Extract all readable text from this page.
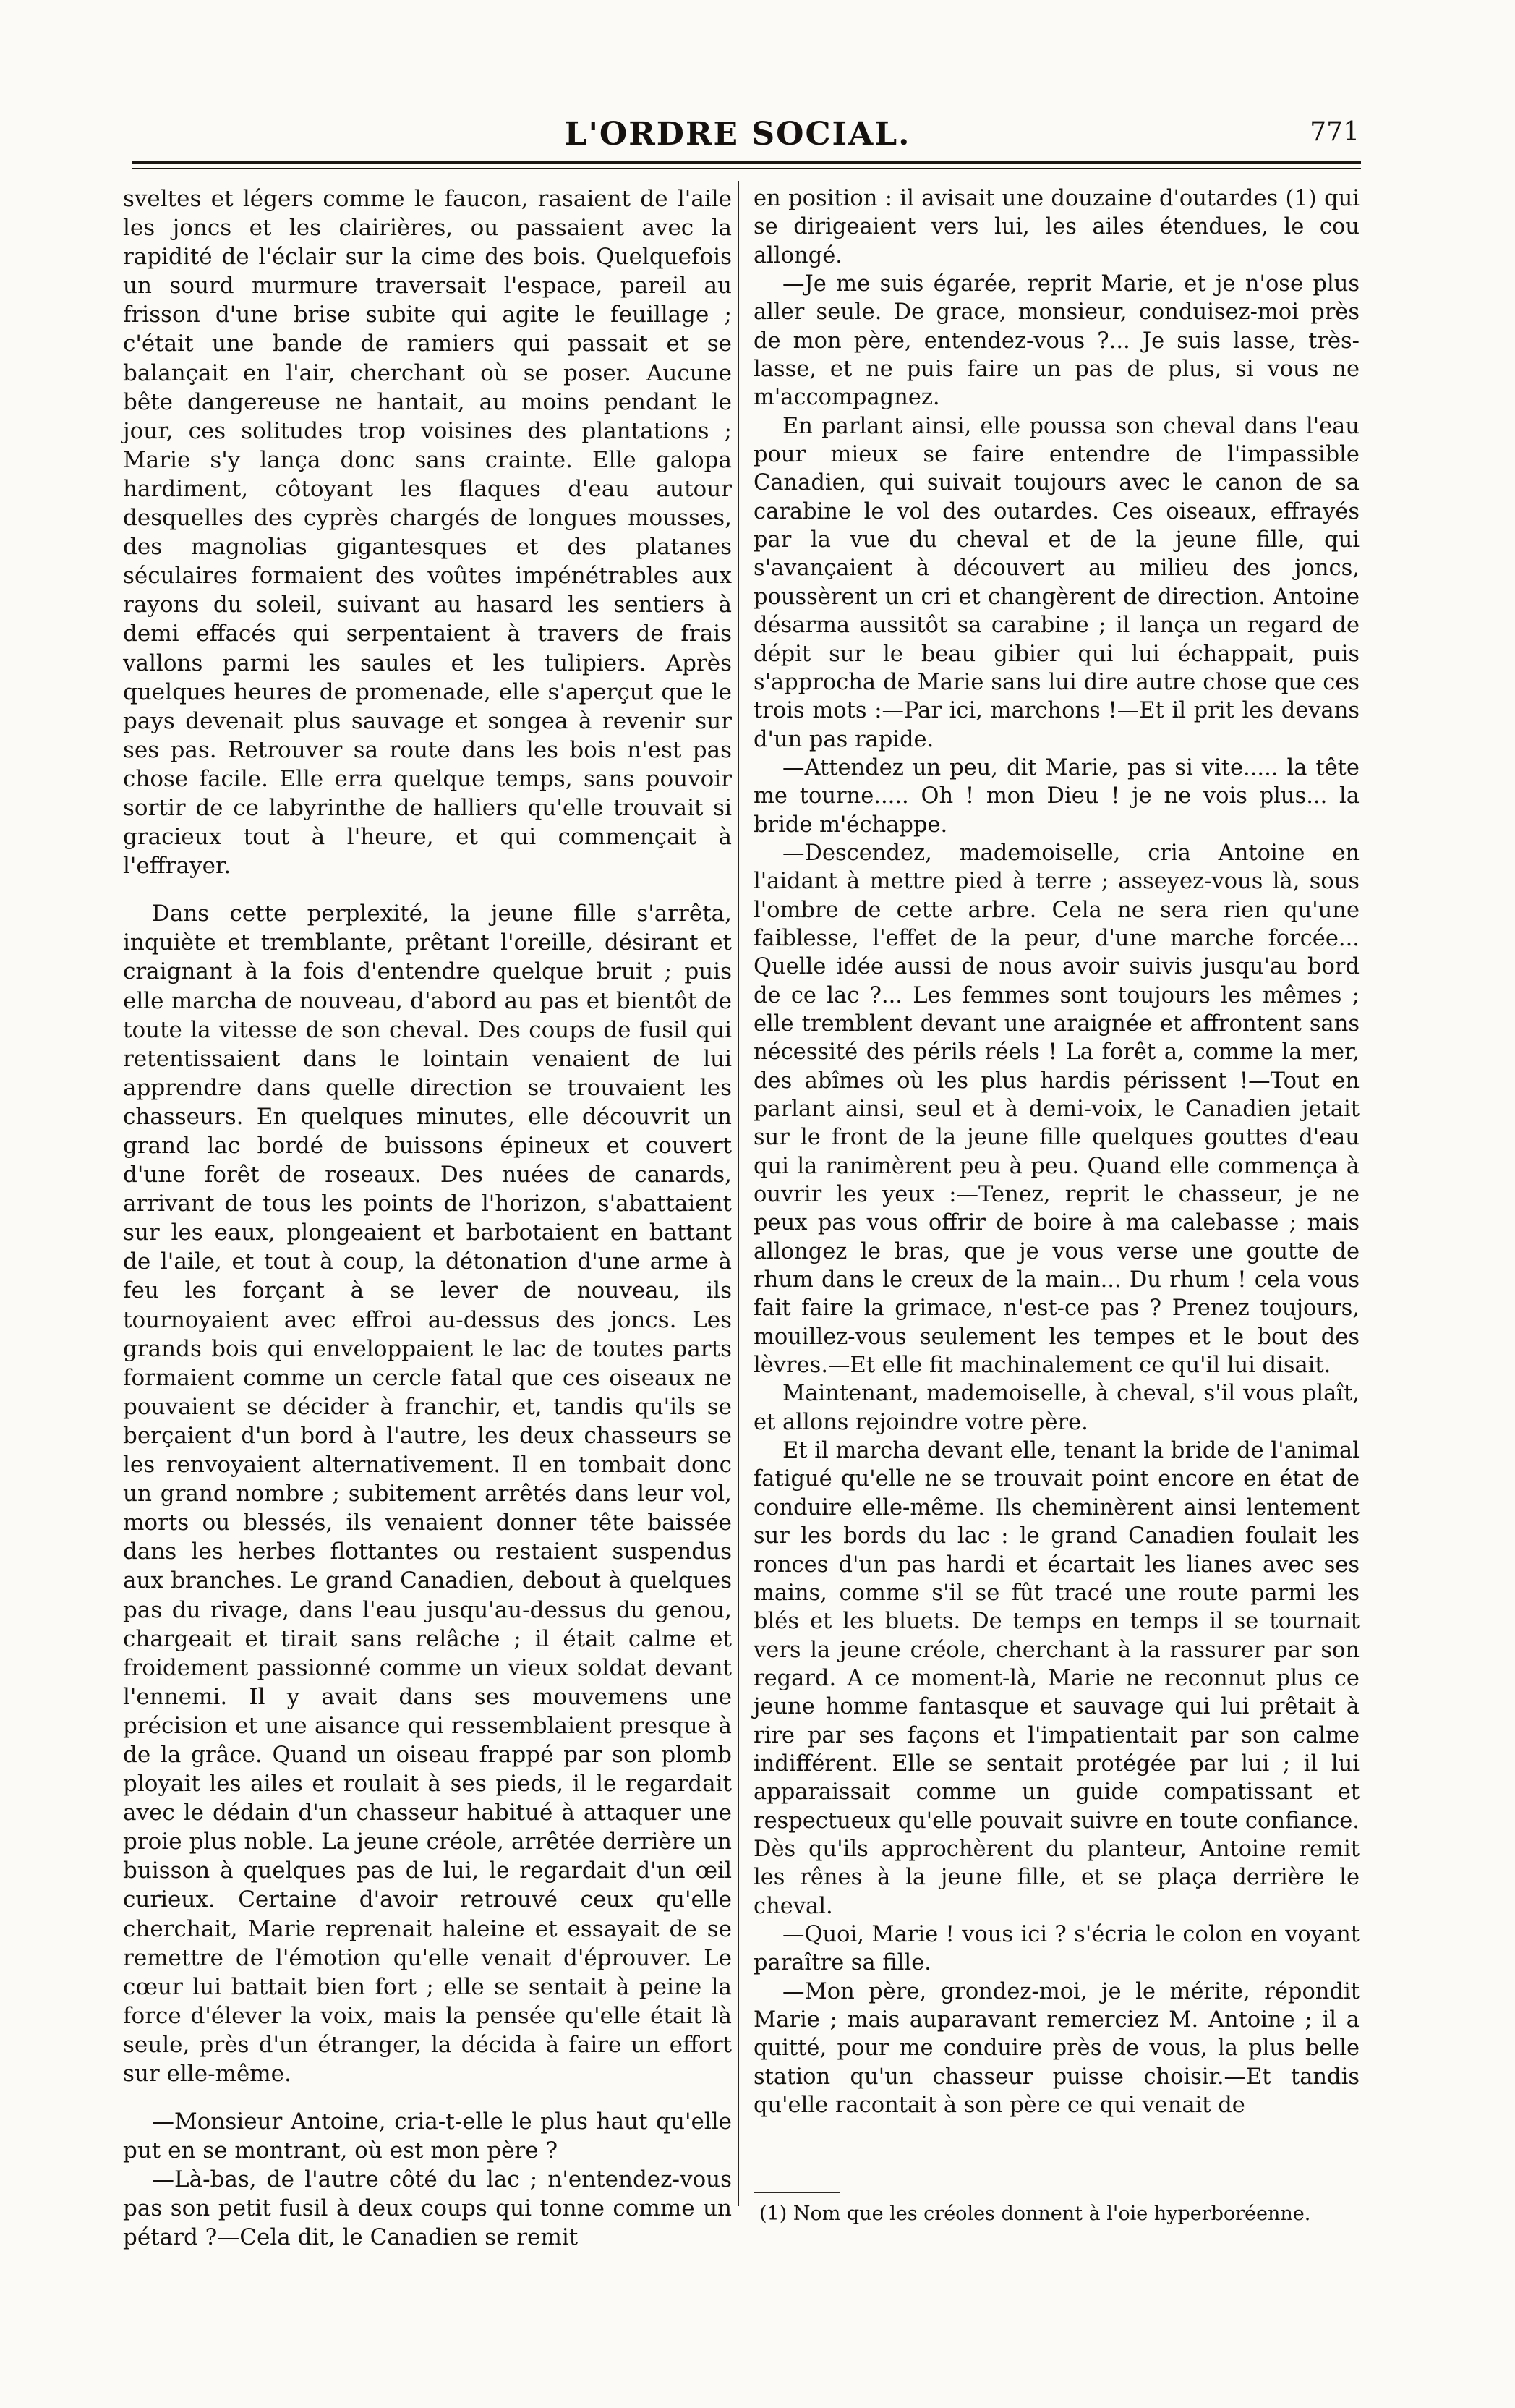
L'ORDRE SOCIAL.	771

sveltes et légers comme le faucon, rasaient de l'aile les joncs et les clairières, ou passaient avec la rapidité de l'éclair sur la cime des bois. Quelquefois un sourd murmure traversait l'espace, pareil au frisson d'une brise subite qui agite le feuillage ; c'était une bande de ramiers qui passait et se balançait en l'air, cherchant où se poser. Aucune bête dangereuse ne hantait, au moins pendant le jour, ces solitudes trop voisines des plantations ; Marie s'y lança donc sans crainte. Elle galopa hardiment, côtoyant les flaques d'eau autour desquelles des cyprès chargés de longues mousses, des magnolias gigantesques et des platanes séculaires formaient des voûtes impénétrables aux rayons du soleil, suivant au hasard les sentiers à demi effacés qui serpentaient à travers de frais vallons parmi les saules et les tulipiers. Après quelques heures de promenade, elle s'aperçut que le pays devenait plus sauvage et songea à revenir sur ses pas. Retrouver sa route dans les bois n'est pas chose facile. Elle erra quelque temps, sans pouvoir sortir de ce labyrinthe de halliers qu'elle trouvait si gracieux tout à l'heure, et qui commençait à l'effrayer.

Dans cette perplexité, la jeune fille s'arrêta, inquiète et tremblante, prêtant l'oreille, désirant et craignant à la fois d'entendre quelque bruit ; puis elle marcha de nouveau, d'abord au pas et bientôt de toute la vitesse de son cheval. Des coups de fusil qui retentissaient dans le lointain venaient de lui apprendre dans quelle direction se trouvaient les chasseurs. En quelques minutes, elle découvrit un grand lac bordé de buissons épineux et couvert d'une forêt de roseaux. Des nuées de canards, arrivant de tous les points de l'horizon, s'abattaient sur les eaux, plongeaient et barbotaient en battant de l'aile, et tout à coup, la détonation d'une arme à feu les forçant à se lever de nouveau, ils tournoyaient avec effroi au-dessus des joncs. Les grands bois qui enveloppaient le lac de toutes parts formaient comme un cercle fatal que ces oiseaux ne pouvaient se décider à franchir, et, tandis qu'ils se berçaient d'un bord à l'autre, les deux chasseurs se les renvoyaient alternativement. Il en tombait donc un grand nombre ; subitement arrêtés dans leur vol, morts ou blessés, ils venaient donner tête baissée dans les herbes flottantes ou restaient suspendus aux branches. Le grand Canadien, debout à quelques pas du rivage, dans l'eau jusqu'au-dessus du genou, chargeait et tirait sans relâche ; il était calme et froidement passionné comme un vieux soldat devant l'ennemi. Il y avait dans ses mouvemens une précision et une aisance qui ressemblaient presque à de la grâce. Quand un oiseau frappé par son plomb ployait les ailes et roulait à ses pieds, il le regardait avec le dédain d'un chasseur habitué à attaquer une proie plus noble. La jeune créole, arrêtée derrière un buisson à quelques pas de lui, le regardait d'un œil curieux. Certaine d'avoir retrouvé ceux qu'elle cherchait, Marie reprenait haleine et essayait de se remettre de l'émotion qu'elle venait d'éprouver. Le cœur lui battait bien fort ; elle se sentait à peine la force d'élever la voix, mais la pensée qu'elle était là seule, près d'un étranger, la décida à faire un effort sur elle-même.

—Monsieur Antoine, cria-t-elle le plus haut qu'elle put en se montrant, où est mon père ?

—Là-bas, de l'autre côté du lac ; n'entendez-vous pas son petit fusil à deux coups qui tonne comme un pétard ?—Cela dit, le Canadien se remit

en position : il avisait une douzaine d'outardes (1) qui se dirigeaient vers lui, les ailes étendues, le cou allongé.

—Je me suis égarée, reprit Marie, et je n'ose plus aller seule. De grace, monsieur, conduisez-moi près de mon père, entendez-vous ?... Je suis lasse, très-lasse, et ne puis faire un pas de plus, si vous ne m'accompagnez.

En parlant ainsi, elle poussa son cheval dans l'eau pour mieux se faire entendre de l'impassible Canadien, qui suivait toujours avec le canon de sa carabine le vol des outardes. Ces oiseaux, effrayés par la vue du cheval et de la jeune fille, qui s'avançaient à découvert au milieu des joncs, poussèrent un cri et changèrent de direction. Antoine désarma aussitôt sa carabine ; il lança un regard de dépit sur le beau gibier qui lui échappait, puis s'approcha de Marie sans lui dire autre chose que ces trois mots :—Par ici, marchons !—Et il prit les devans d'un pas rapide.

—Attendez un peu, dit Marie, pas si vite..... la tête me tourne..... Oh ! mon Dieu ! je ne vois plus... la bride m'échappe.

—Descendez, mademoiselle, cria Antoine en l'aidant à mettre pied à terre ; asseyez-vous là, sous l'ombre de cette arbre. Cela ne sera rien qu'une faiblesse, l'effet de la peur, d'une marche forcée... Quelle idée aussi de nous avoir suivis jusqu'au bord de ce lac ?... Les femmes sont toujours les mêmes ; elle tremblent devant une araignée et affrontent sans nécessité des périls réels ! La forêt a, comme la mer, des abîmes où les plus hardis périssent !—Tout en parlant ainsi, seul et à demi-voix, le Canadien jetait sur le front de la jeune fille quelques gouttes d'eau qui la ranimèrent peu à peu. Quand elle commença à ouvrir les yeux :—Tenez, reprit le chasseur, je ne peux pas vous offrir de boire à ma calebasse ; mais allongez le bras, que je vous verse une goutte de rhum dans le creux de la main... Du rhum ! cela vous fait faire la grimace, n'est-ce pas ? Prenez toujours, mouillez-vous seulement les tempes et le bout des lèvres.—Et elle fit machinalement ce qu'il lui disait.

Maintenant, mademoiselle, à cheval, s'il vous plaît, et allons rejoindre votre père.

Et il marcha devant elle, tenant la bride de l'animal fatigué qu'elle ne se trouvait point encore en état de conduire elle-même. Ils cheminèrent ainsi lentement sur les bords du lac : le grand Canadien foulait les ronces d'un pas hardi et écartait les lianes avec ses mains, comme s'il se fût tracé une route parmi les blés et les bluets. De temps en temps il se tournait vers la jeune créole, cherchant à la rassurer par son regard. A ce moment-là, Marie ne reconnut plus ce jeune homme fantasque et sauvage qui lui prêtait à rire par ses façons et l'impatientait par son calme indifférent. Elle se sentait protégée par lui ; il lui apparaissait comme un guide compatissant et respectueux qu'elle pouvait suivre en toute confiance. Dès qu'ils approchèrent du planteur, Antoine remit les rênes à la jeune fille, et se plaça derrière le cheval.

—Quoi, Marie ! vous ici ? s'écria le colon en voyant paraître sa fille.

—Mon père, grondez-moi, je le mérite, répondit Marie ; mais auparavant remerciez M. Antoine ; il a quitté, pour me conduire près de vous, la plus belle station qu'un chasseur puisse choisir.—Et tandis qu'elle racontait à son père ce qui venait de

(1) Nom que les créoles donnent à l'oie hyperboréenne.
